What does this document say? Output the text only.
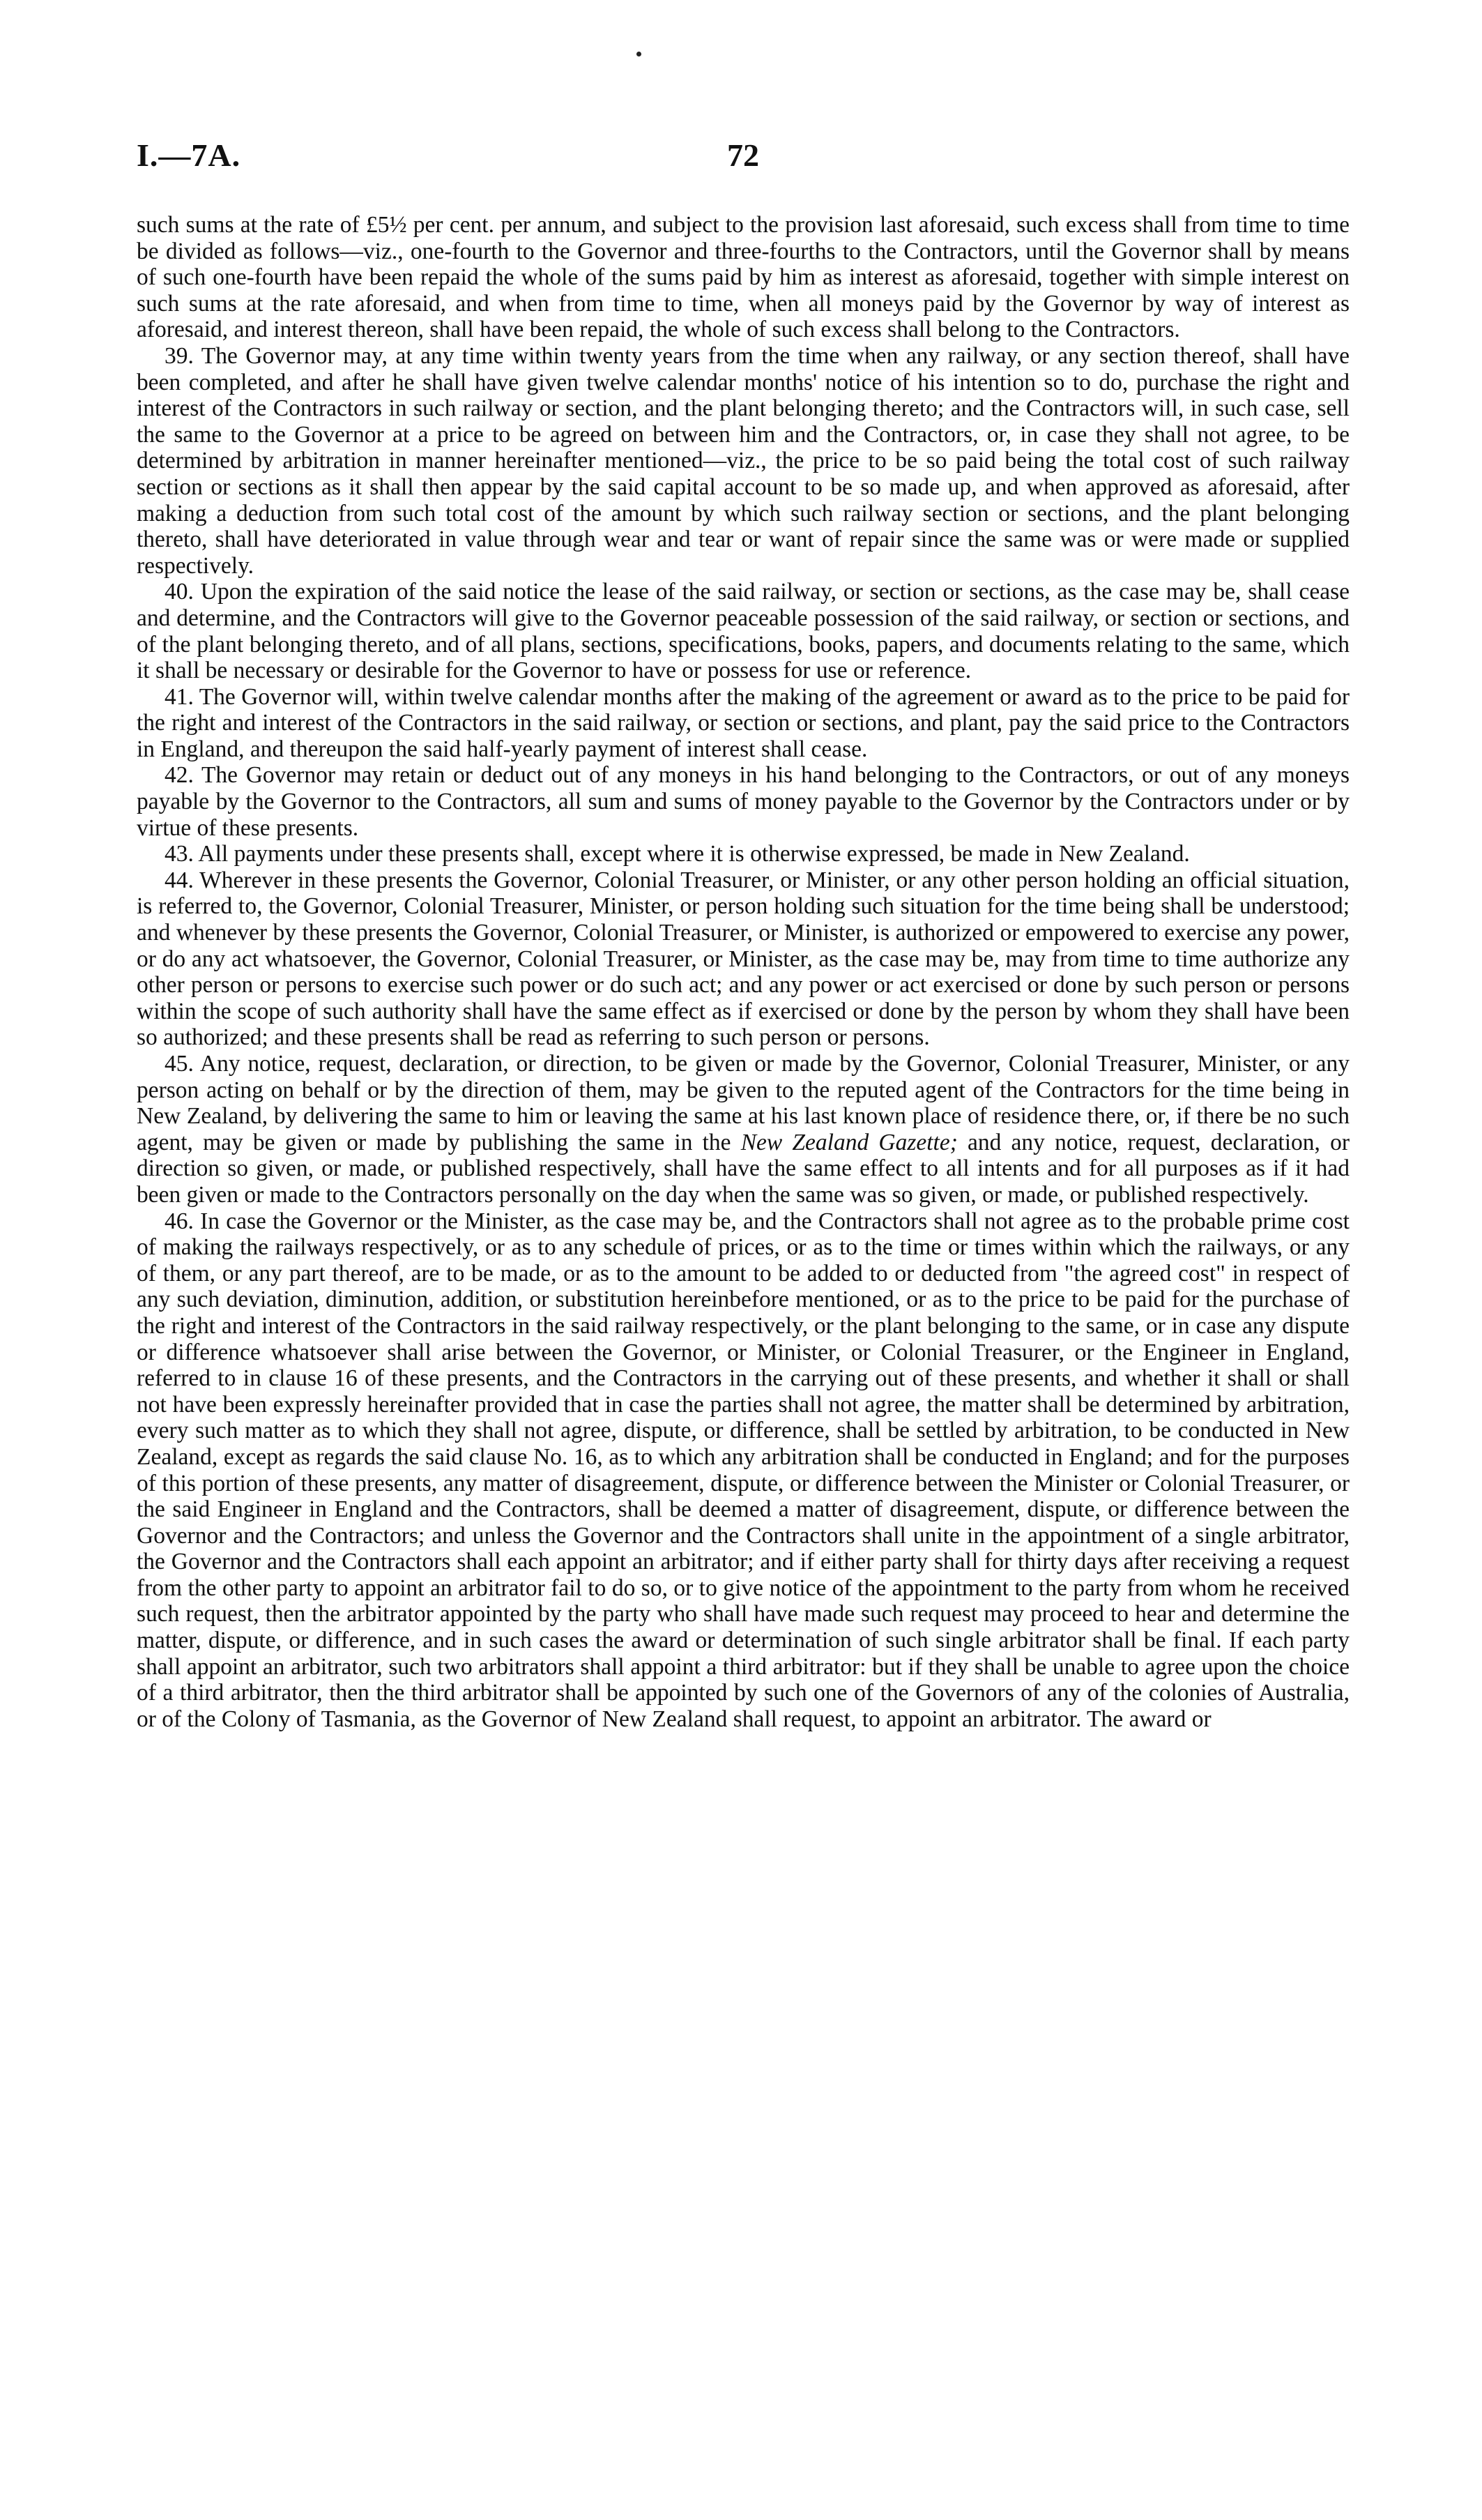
I.—7A.	72

such sums at the rate of £5½ per cent. per annum, and subject to the provision last aforesaid, such excess shall from time to time be divided as follows—viz., one-fourth to the Governor and three-fourths to the Contractors, until the Governor shall by means of such one-fourth have been repaid the whole of the sums paid by him as interest as aforesaid, together with simple interest on such sums at the rate aforesaid, and when from time to time, when all moneys paid by the Governor by way of interest as aforesaid, and interest thereon, shall have been repaid, the whole of such excess shall belong to the Contractors.

39. The Governor may, at any time within twenty years from the time when any railway, or any section thereof, shall have been completed, and after he shall have given twelve calendar months' notice of his intention so to do, purchase the right and interest of the Contractors in such railway or section, and the plant belonging thereto; and the Contractors will, in such case, sell the same to the Governor at a price to be agreed on between him and the Contractors, or, in case they shall not agree, to be determined by arbitration in manner hereinafter mentioned—viz., the price to be so paid being the total cost of such railway section or sections as it shall then appear by the said capital account to be so made up, and when approved as aforesaid, after making a deduction from such total cost of the amount by which such railway section or sections, and the plant belonging thereto, shall have deteriorated in value through wear and tear or want of repair since the same was or were made or supplied respectively.

40. Upon the expiration of the said notice the lease of the said railway, or section or sections, as the case may be, shall cease and determine, and the Contractors will give to the Governor peaceable possession of the said railway, or section or sections, and of the plant belonging thereto, and of all plans, sections, specifications, books, papers, and documents relating to the same, which it shall be necessary or desirable for the Governor to have or possess for use or reference.

41. The Governor will, within twelve calendar months after the making of the agreement or award as to the price to be paid for the right and interest of the Contractors in the said railway, or section or sections, and plant, pay the said price to the Contractors in England, and thereupon the said half-yearly payment of interest shall cease.

42. The Governor may retain or deduct out of any moneys in his hand belonging to the Contractors, or out of any moneys payable by the Governor to the Contractors, all sum and sums of money payable to the Governor by the Contractors under or by virtue of these presents.

43. All payments under these presents shall, except where it is otherwise expressed, be made in New Zealand.

44. Wherever in these presents the Governor, Colonial Treasurer, or Minister, or any other person holding an official situation, is referred to, the Governor, Colonial Treasurer, Minister, or person holding such situation for the time being shall be understood; and whenever by these presents the Governor, Colonial Treasurer, or Minister, is authorized or empowered to exercise any power, or do any act whatsoever, the Governor, Colonial Treasurer, or Minister, as the case may be, may from time to time authorize any other person or persons to exercise such power or do such act; and any power or act exercised or done by such person or persons within the scope of such authority shall have the same effect as if exercised or done by the person by whom they shall have been so authorized; and these presents shall be read as referring to such person or persons.

45. Any notice, request, declaration, or direction, to be given or made by the Governor, Colonial Treasurer, Minister, or any person acting on behalf or by the direction of them, may be given to the reputed agent of the Contractors for the time being in New Zealand, by delivering the same to him or leaving the same at his last known place of residence there, or, if there be no such agent, may be given or made by publishing the same in the New Zealand Gazette; and any notice, request, declaration, or direction so given, or made, or published respectively, shall have the same effect to all intents and for all purposes as if it had been given or made to the Contractors personally on the day when the same was so given, or made, or published respectively.

46. In case the Governor or the Minister, as the case may be, and the Contractors shall not agree as to the probable prime cost of making the railways respectively, or as to any schedule of prices, or as to the time or times within which the railways, or any of them, or any part thereof, are to be made, or as to the amount to be added to or deducted from "the agreed cost" in respect of any such deviation, diminution, addition, or substitution hereinbefore mentioned, or as to the price to be paid for the purchase of the right and interest of the Contractors in the said railway respectively, or the plant belonging to the same, or in case any dispute or difference whatsoever shall arise between the Governor, or Minister, or Colonial Treasurer, or the Engineer in England, referred to in clause 16 of these presents, and the Contractors in the carrying out of these presents, and whether it shall or shall not have been expressly hereinafter provided that in case the parties shall not agree, the matter shall be determined by arbitration, every such matter as to which they shall not agree, dispute, or difference, shall be settled by arbitration, to be conducted in New Zealand, except as regards the said clause No. 16, as to which any arbitration shall be conducted in England; and for the purposes of this portion of these presents, any matter of disagreement, dispute, or difference between the Minister or Colonial Treasurer, or the said Engineer in England and the Contractors, shall be deemed a matter of disagreement, dispute, or difference between the Governor and the Contractors; and unless the Governor and the Contractors shall unite in the appointment of a single arbitrator, the Governor and the Contractors shall each appoint an arbitrator; and if either party shall for thirty days after receiving a request from the other party to appoint an arbitrator fail to do so, or to give notice of the appointment to the party from whom he received such request, then the arbitrator appointed by the party who shall have made such request may proceed to hear and determine the matter, dispute, or difference, and in such cases the award or determination of such single arbitrator shall be final. If each party shall appoint an arbitrator, such two arbitrators shall appoint a third arbitrator: but if they shall be unable to agree upon the choice of a third arbitrator, then the third arbitrator shall be appointed by such one of the Governors of any of the colonies of Australia, or of the Colony of Tasmania, as the Governor of New Zealand shall request, to appoint an arbitrator. The award or
